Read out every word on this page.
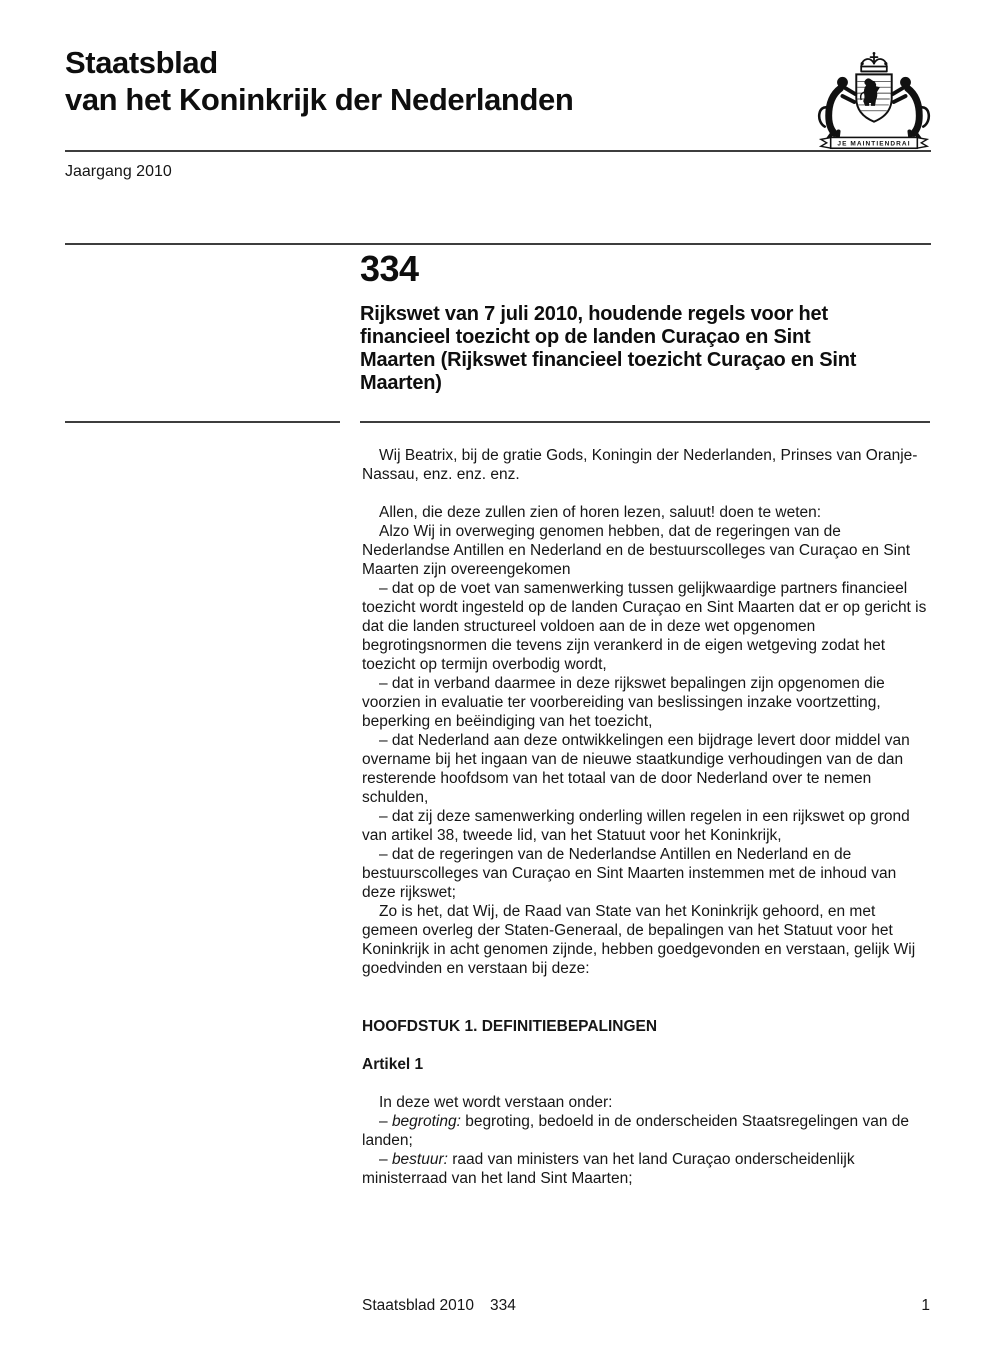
Staatsblad
van het Koninkrijk der Nederlanden
JE MAINTIENDRAI
Jaargang 2010
334
Rijkswet van 7 juli 2010, houdende regels voor het financieel toezicht op de landen Curaçao en Sint Maarten (Rijkswet financieel toezicht Curaçao en Sint Maarten)

Wij Beatrix, bij de gratie Gods, Koningin der Nederlanden, Prinses van Oranje-Nassau, enz. enz. enz.

Allen, die deze zullen zien of horen lezen, saluut! doen te weten:

Alzo Wij in overweging genomen hebben, dat de regeringen van de Nederlandse Antillen en Nederland en de bestuurscolleges van Curaçao en Sint Maarten zijn overeengekomen

– dat op de voet van samenwerking tussen gelijkwaardige partners financieel toezicht wordt ingesteld op de landen Curaçao en Sint Maarten dat er op gericht is dat die landen structureel voldoen aan de in deze wet opgenomen begrotingsnormen die tevens zijn verankerd in de eigen wetgeving zodat het toezicht op termijn overbodig wordt,

– dat in verband daarmee in deze rijkswet bepalingen zijn opgenomen die voorzien in evaluatie ter voorbereiding van beslissingen inzake voortzetting, beperking en beëindiging van het toezicht,

– dat Nederland aan deze ontwikkelingen een bijdrage levert door middel van overname bij het ingaan van de nieuwe staatkundige verhoudingen van de dan resterende hoofdsom van het totaal van de door Nederland over te nemen schulden,

– dat zij deze samenwerking onderling willen regelen in een rijkswet op grond van artikel 38, tweede lid, van het Statuut voor het Koninkrijk,

– dat de regeringen van de Nederlandse Antillen en Nederland en de bestuurscolleges van Curaçao en Sint Maarten instemmen met de inhoud van deze rijkswet;

Zo is het, dat Wij, de Raad van State van het Koninkrijk gehoord, en met gemeen overleg der Staten-Generaal, de bepalingen van het Statuut voor het Koninkrijk in acht genomen zijnde, hebben goedgevonden en verstaan, gelijk Wij goedvinden en verstaan bij deze:

HOOFDSTUK 1. DEFINITIEBEPALINGEN
Artikel 1

In deze wet wordt verstaan onder:

– begroting: begroting, bedoeld in de onderscheiden Staatsregelingen van de landen;

– bestuur: raad van ministers van het land Curaçao onderscheidenlijk ministerraad van het land Sint Maarten;

Staatsblad 2010 334	1
